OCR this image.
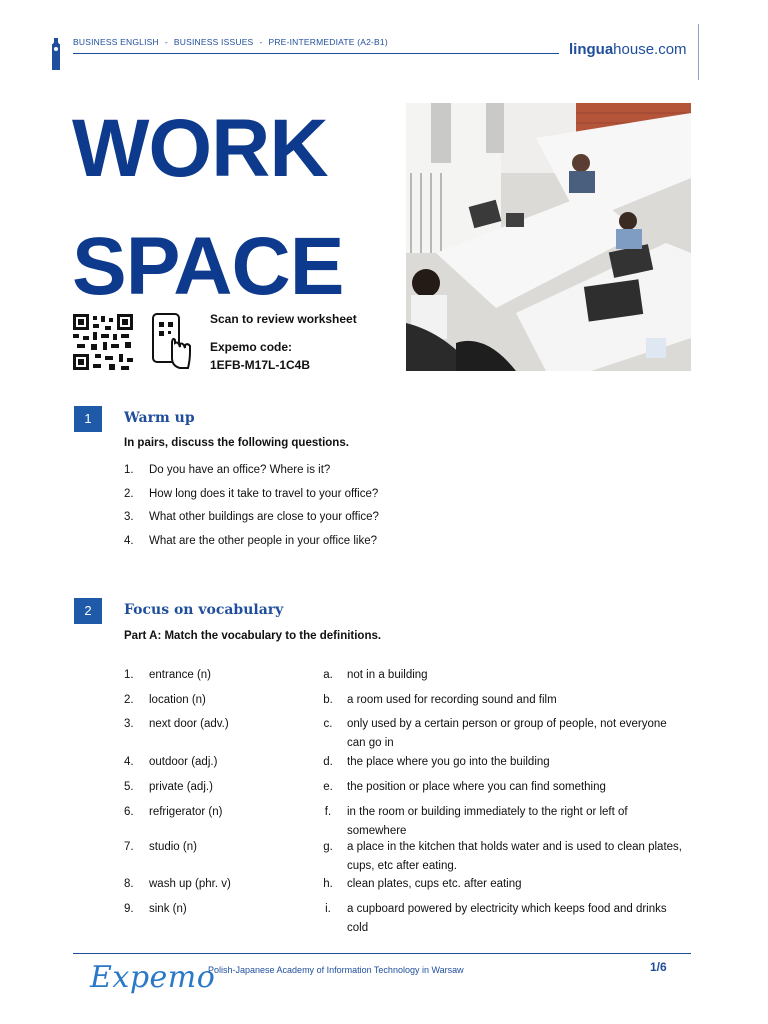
BUSINESS ENGLISH - BUSINESS ISSUES - PRE-INTERMEDIATE (A2-B1)	linguahouse.com
WORK
SPACE
Scan to review worksheet
Expemo code:
1EFB-M17L-1C4B
1	Warm up
In pairs, discuss the following questions.
1. Do you have an office? Where is it?
2. How long does it take to travel to your office?
3. What other buildings are close to your office?
4. What are the other people in your office like?
2	Focus on vocabulary
Part A: Match the vocabulary to the definitions.
1. entrance (n)	a. not in a building
2. location (n)	b. a room used for recording sound and film
3. next door (adv.)	c.	only used by a certain person or group of people, not everyone can go in
4. outdoor (adj.)	d. the place where you go into the building
5. private (adj.)	e. the position or place where you can find something
6. refrigerator (n)	f.	in the room or building immediately to the right or left of somewhere
7. studio (n)	g. a place in the kitchen that holds water and is used to clean plates, cups, etc after eating.
8. wash up (phr. v)	h. clean plates, cups etc. after eating
9. sink (n)	i.	a cupboard powered by electricity which keeps food and drinks cold
Expemo
Polish-Japanese Academy of Information Technology in Warsaw	1/6
